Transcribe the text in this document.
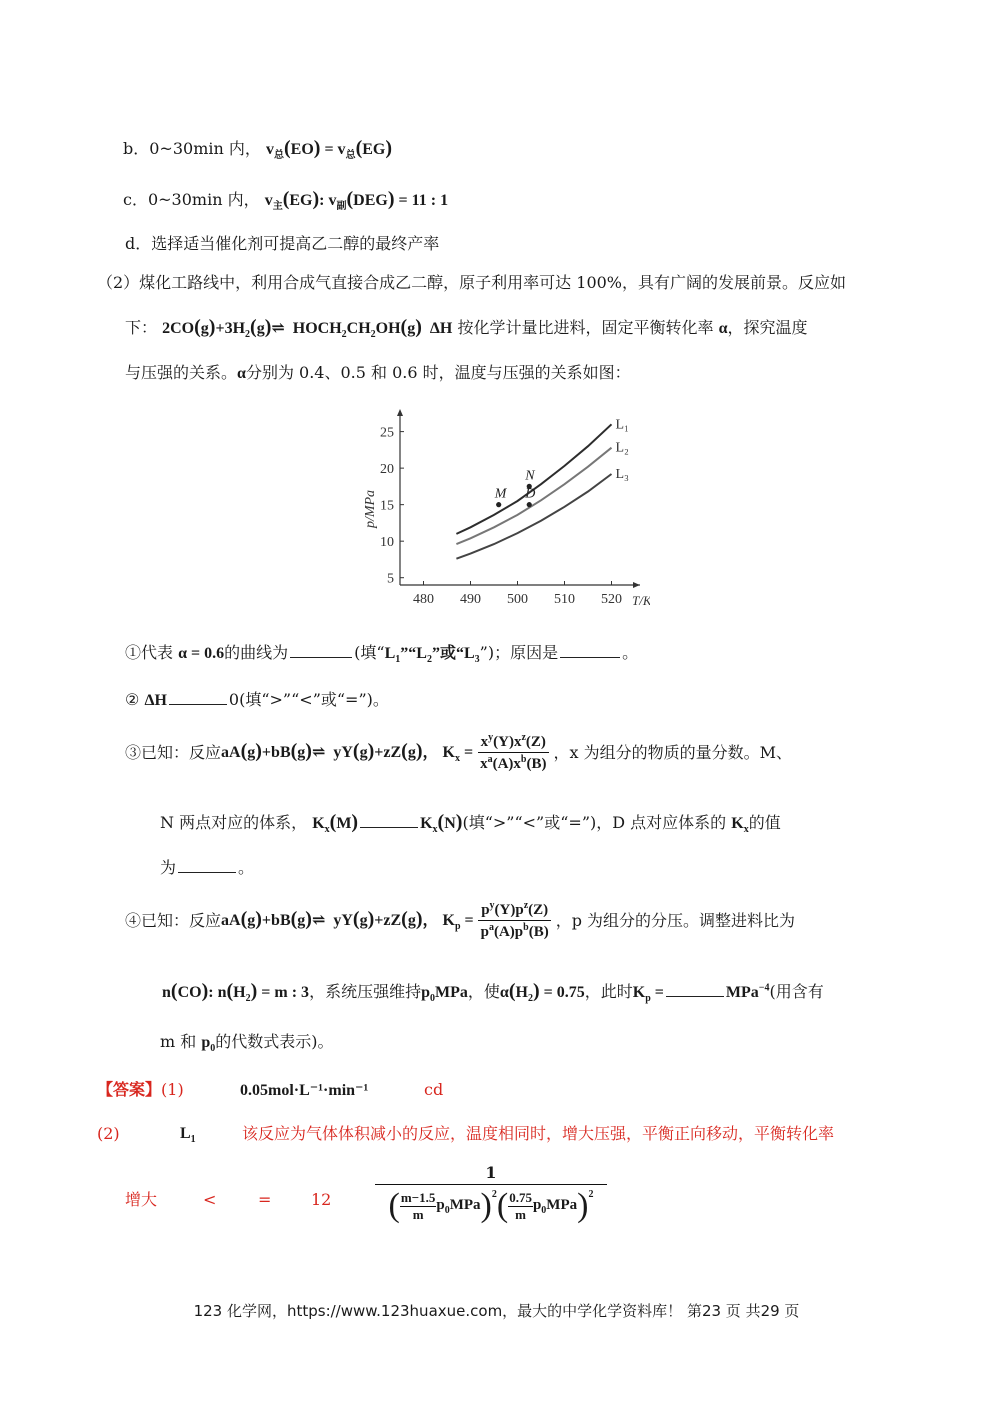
b．0~30min 内， $v_总(EO) = v_总(EG)$
c．0~30min 内， $v_主(EG)$: $v_副(DEG) = 11$ : 1
d．选择适当催化剂可提高乙二醇的最终产率
（2）煤化工路线中，利用合成气直接合成乙二醇，原子利用率可达 100%，具有广阔的发展前景。反应如
下： $2CO(g)+3H_2(g)\rightleftharpoons$  $HOCH_2CH_2OH(g)$  ΔH 按化学计量比进料，固定平衡转化率 α，探究温度
与压强的关系。α分别为 0.4、0.5 和 0.6 时，温度与压强的关系如图：
480 490 500 510 520
5
10
15
20
25
T/K
p/MPa
L₁
L₂
L₃
M
N
D
①代表 α = 0.6的曲线为	(填“$L_1”“L_2$”或“$L_3$”)；原因是	。
② ΔH	0(填“>”“<”或“=”)。
③已知：反应 aA(g)+bB(g)⇌  yY(g)+zZ(g)， $K_x = \frac{x^y(Y)x^z(Z)}{x^a(A)x^b(B)}$ ，x 为组分的物质的量分数。M、
N 两点对应的体系， $K_x(M)$	$K_x(N)$(填“>”“<”或“=”)，D 点对应体系的 $K_x$的值
为	。
④已知：反应 aA(g)+bB(g)⇌  yY(g)+zZ(g)， $K_p = \frac{p^y(Y)p^z(Z)}{p^a(A)p^b(B)}$ ，p 为组分的分压。调整进料比为
n(CO): $n(H_2) = m$ : 3，系统压强维持$p_0MPa$，使$\alpha(H_2) = 0.75$，此时$K_p$ =	MPa$^{-4}$(用含有
m 和 $p_0$的代数式表示)。
【答案】(1)	0.05mol·L⁻¹·min⁻¹	cd
(2)	$L_1$	该反应为气体体积减小的反应，温度相同时，增大压强，平衡正向移动，平衡转化率
增大	<	= 12
1
( m−1.5
m
$p_0MPa$ )$^2$ ( 0.75
m
$p_0MPa$ )$^2$
123 化学网，https://www.123huaxue.com，最大的中学化学资料库！ 第23 页 共29 页
